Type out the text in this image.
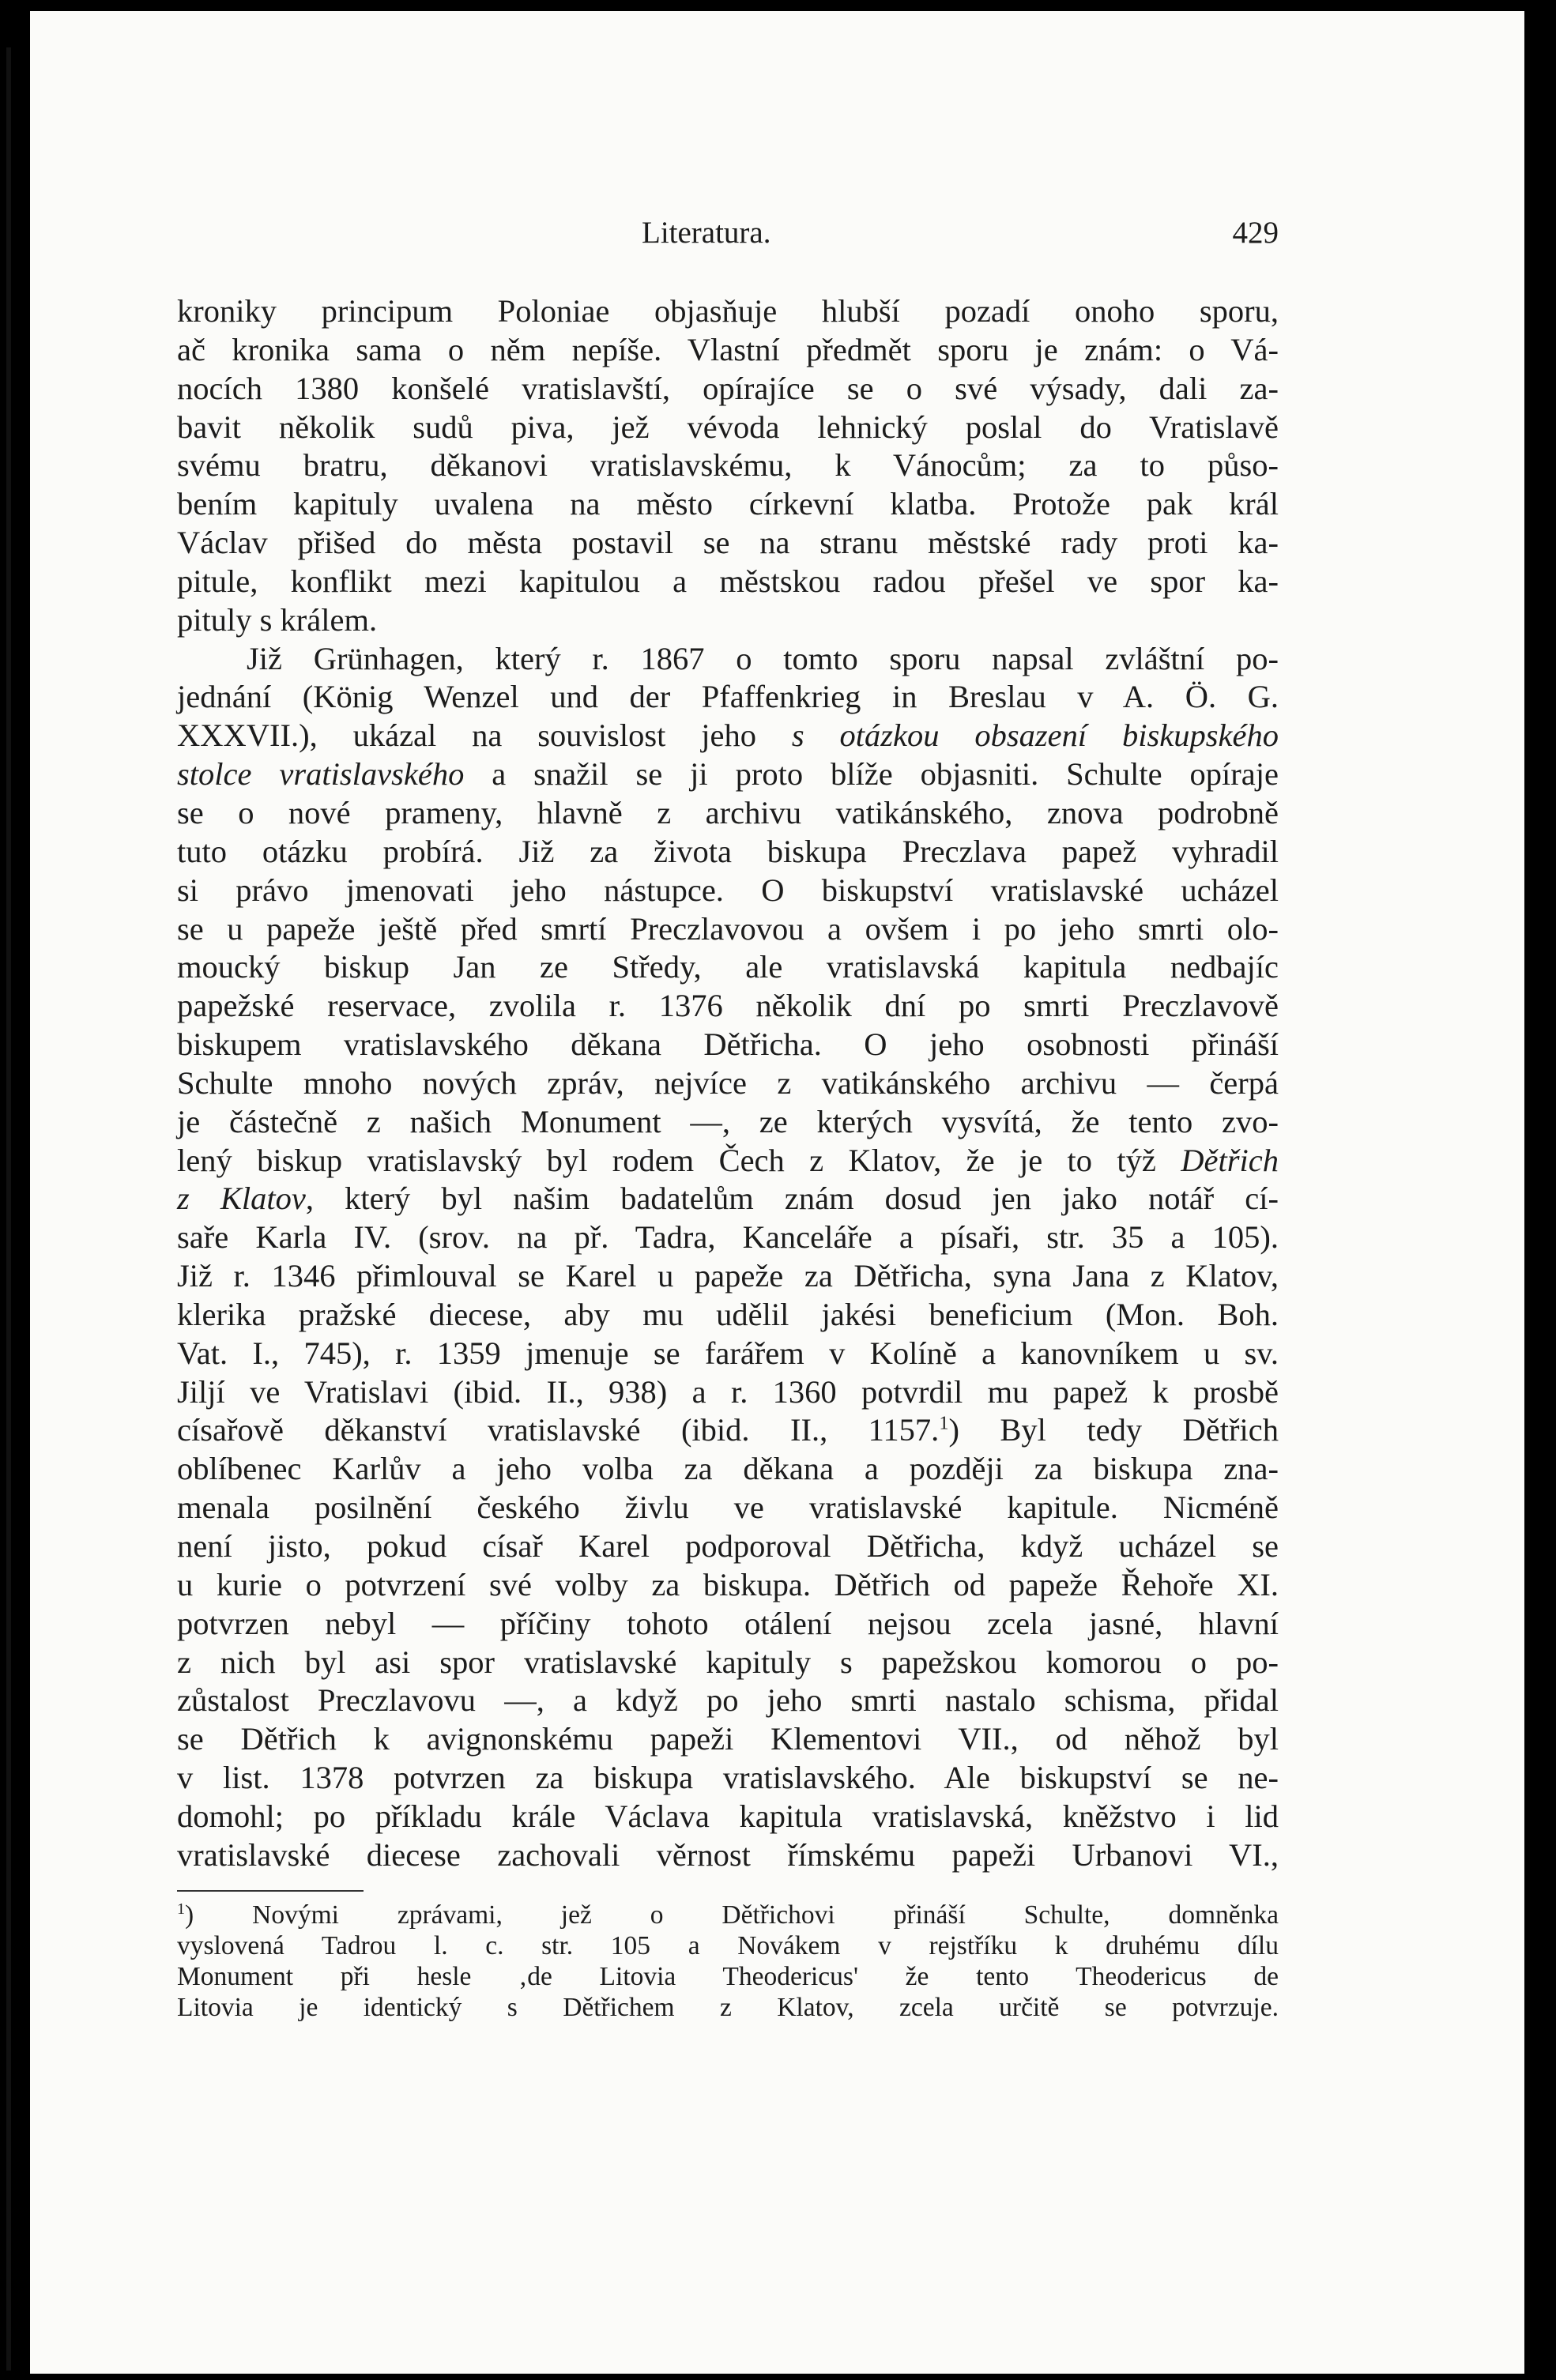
Literatura.	429
kroniky principum Poloniae objasňuje hlubší pozadí onoho sporu,
ač kronika sama o něm nepíše. Vlastní předmět sporu je znám: o Vá-
nocích 1380 konšelé vratislavští, opírajíce se o své výsady, dali za-
bavit několik sudů piva, jež vévoda lehnický poslal do Vratislavě
svému bratru, děkanovi vratislavskému, k Vánocům; za to půso-
bením kapituly uvalena na město církevní klatba. Protože pak král
Václav přišed do města postavil se na stranu městské rady proti ka-
pitule, konflikt mezi kapitulou a městskou radou přešel ve spor ka-
pituly s králem.
Již Grünhagen, který r. 1867 o tomto sporu napsal zvláštní po-
jednání (König Wenzel und der Pfaffenkrieg in Breslau v A. Ö. G.
XXXVII.), ukázal na souvislost jeho s otázkou obsazení biskupského
stolce vratislavského a snažil se ji proto blíže objasniti. Schulte opíraje
se o nové prameny, hlavně z archivu vatikánského, znova podrobně
tuto otázku probírá. Již za života biskupa Preczlava papež vyhradil
si právo jmenovati jeho nástupce. O biskupství vratislavské ucházel
se u papeže ještě před smrtí Preczlavovou a ovšem i po jeho smrti olo-
moucký biskup Jan ze Středy, ale vratislavská kapitula nedbajíc
papežské reservace, zvolila r. 1376 několik dní po smrti Preczlavově
biskupem vratislavského děkana Dětřicha. O jeho osobnosti přináší
Schulte mnoho nových zpráv, nejvíce z vatikánského archivu — čerpá
je částečně z našich Monument —, ze kterých vysvítá, že tento zvo-
lený biskup vratislavský byl rodem Čech z Klatov, že je to týž Dětřich
z Klatov, který byl našim badatelům znám dosud jen jako notář cí-
saře Karla IV. (srov. na př. Tadra, Kanceláře a písaři, str. 35 a 105).
Již r. 1346 přimlouval se Karel u papeže za Dětřicha, syna Jana z Klatov,
klerika pražské diecese, aby mu udělil jakési beneficium (Mon. Boh.
Vat. I., 745), r. 1359 jmenuje se farářem v Kolíně a kanovníkem u sv.
Jiljí ve Vratislavi (ibid. II., 938) a r. 1360 potvrdil mu papež k prosbě
císařově děkanství vratislavské (ibid. II., 1157.$^1$) Byl tedy Dětřich
oblíbenec Karlův a jeho volba za děkana a později za biskupa zna-
menala posilnění českého živlu ve vratislavské kapitule. Nicméně
není jisto, pokud císař Karel podporoval Dětřicha, když ucházel se
u kurie o potvrzení své volby za biskupa. Dětřich od papeže Řehoře XI.
potvrzen nebyl — příčiny tohoto otálení nejsou zcela jasné, hlavní
z nich byl asi spor vratislavské kapituly s papežskou komorou o po-
zůstalost Preczlavovu —, a když po jeho smrti nastalo schisma, přidal
se Dětřich k avignonskému papeži Klementovi VII., od něhož byl
v list. 1378 potvrzen za biskupa vratislavského. Ale biskupství se ne-
domohl; po příkladu krále Václava kapitula vratislavská, kněžstvo i lid
vratislavské diecese zachovali věrnost římskému papeži Urbanovi VI.,
$^1$) Novými zprávami, jež o Dětřichovi přináší Schulte, domněnka
vyslovená Tadrou l. c. str. 105 a Novákem v rejstříku k druhému dílu
Monument při hesle ‚de Litovia Theodericus' že tento Theodericus de
Litovia je identický s Dětřichem z Klatov, zcela určitě se potvrzuje.
